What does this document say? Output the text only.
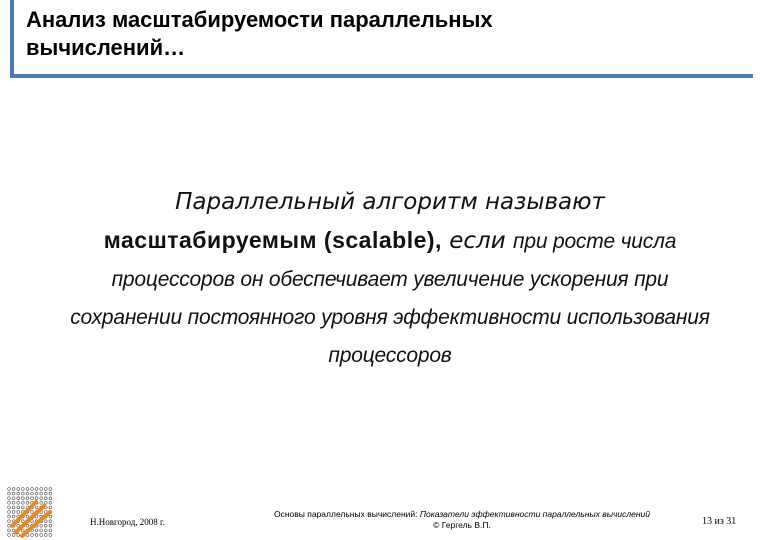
Анализ масштабируемости параллельных
вычислений…
Параллельный алгоритм называют
масштабируемым (scalable), если при росте числа
процессоров он обеспечивает увеличение ускорения при
сохранении постоянного уровня эффективности использования
процессоров
Н.Новгород, 2008 г.
Основы параллельных вычислений: Показатели эффективности параллельных вычислений
© Гергель В.П.	13 из 31
